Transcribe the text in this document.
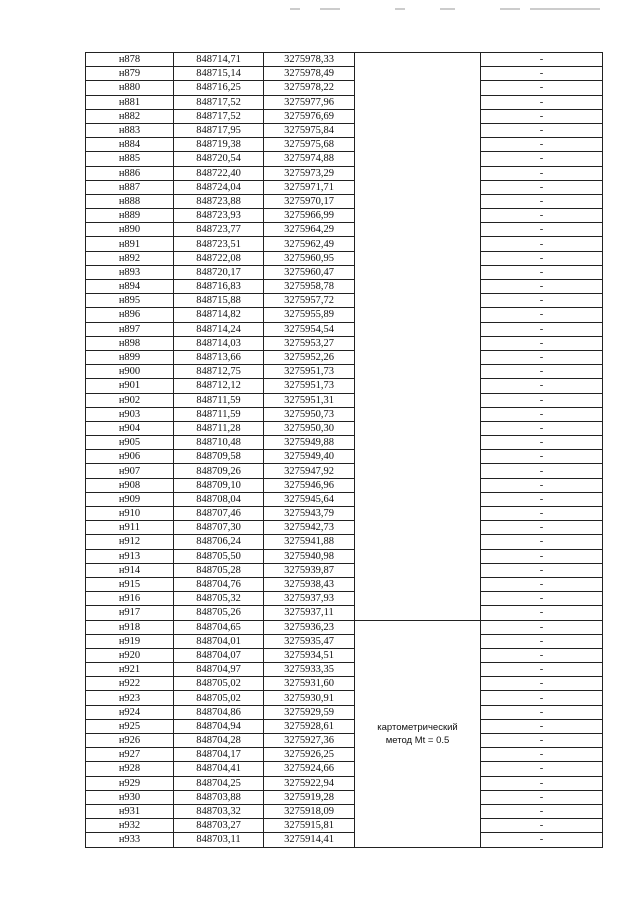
н878	848714,71	3275978,33		-
н879	848715,14	3275978,49		-
н880	848716,25	3275978,22		-
н881	848717,52	3275977,96		-
н882	848717,52	3275976,69		-
н883	848717,95	3275975,84		-
н884	848719,38	3275975,68		-
н885	848720,54	3275974,88		-
н886	848722,40	3275973,29		-
н887	848724,04	3275971,71		-
н888	848723,88	3275970,17		-
н889	848723,93	3275966,99		-
н890	848723,77	3275964,29		-
н891	848723,51	3275962,49		-
н892	848722,08	3275960,95		-
н893	848720,17	3275960,47		-
н894	848716,83	3275958,78		-
н895	848715,88	3275957,72		-
н896	848714,82	3275955,89		-
н897	848714,24	3275954,54		-
н898	848714,03	3275953,27		-
н899	848713,66	3275952,26		-
н900	848712,75	3275951,73		-
н901	848712,12	3275951,73		-
н902	848711,59	3275951,31		-
н903	848711,59	3275950,73		-
н904	848711,28	3275950,30		-
н905	848710,48	3275949,88		-
н906	848709,58	3275949,40		-
н907	848709,26	3275947,92		-
н908	848709,10	3275946,96		-
н909	848708,04	3275945,64		-
н910	848707,46	3275943,79		-
н911	848707,30	3275942,73		-
н912	848706,24	3275941,88		-
н913	848705,50	3275940,98		-
н914	848705,28	3275939,87		-
н915	848704,76	3275938,43		-
н916	848705,32	3275937,93		-
н917	848705,26	3275937,11		-
н918	848704,65	3275936,23	картометрический
метод Mt = 0.5	-
н919	848704,01	3275935,47		-
н920	848704,07	3275934,51		-
н921	848704,97	3275933,35		-
н922	848705,02	3275931,60		-
н923	848705,02	3275930,91		-
н924	848704,86	3275929,59		-
н925	848704,94	3275928,61		-
н926	848704,28	3275927,36		-
н927	848704,17	3275926,25		-
н928	848704,41	3275924,66		-
н929	848704,25	3275922,94		-
н930	848703,88	3275919,28		-
н931	848703,32	3275918,09		-
н932	848703,27	3275915,81		-
н933	848703,11	3275914,41		-
